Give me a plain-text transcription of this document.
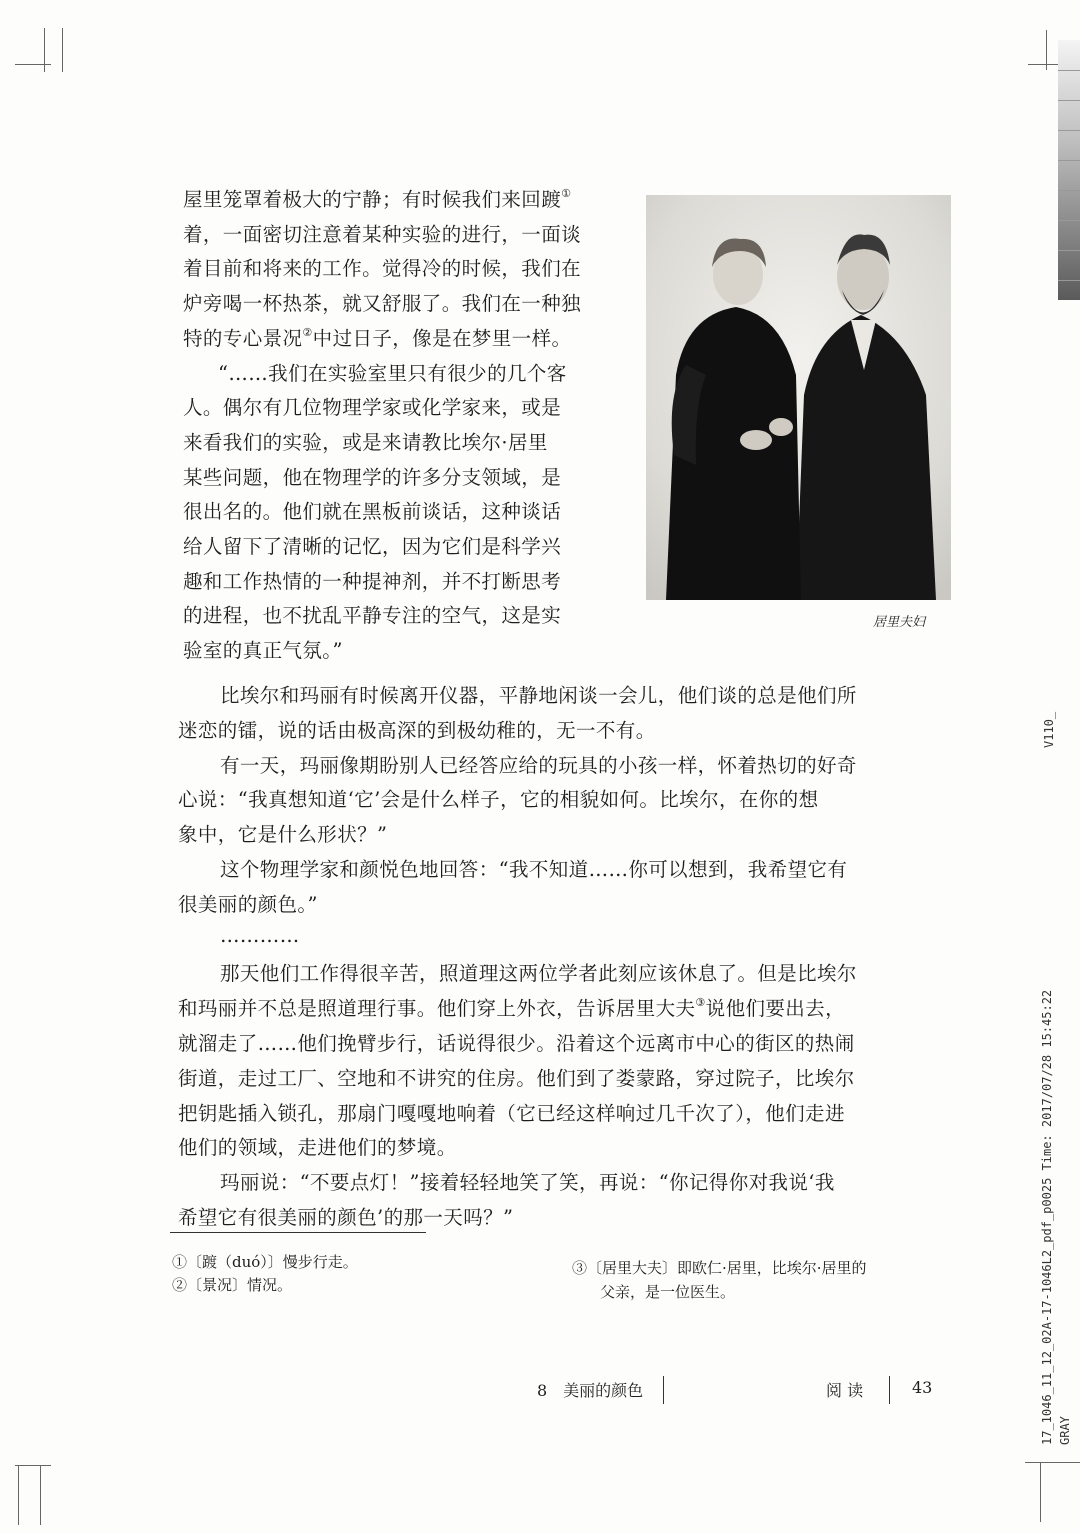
屋里笼罩着极大的宁静；有时候我们来回踱①
着，一面密切注意着某种实验的进行，一面谈
着目前和将来的工作。觉得冷的时候，我们在
炉旁喝一杯热茶，就又舒服了。我们在一种独
特的专心景况②中过日子，像是在梦里一样。
“……我们在实验室里只有很少的几个客
人。偶尔有几位物理学家或化学家来，或是
来看我们的实验，或是来请教比埃尔·居里
某些问题，他在物理学的许多分支领域，是
很出名的。他们就在黑板前谈话，这种谈话
给人留下了清晰的记忆，因为它们是科学兴
趣和工作热情的一种提神剂，并不打断思考
的进程，也不扰乱平静专注的空气，这是实
验室的真正气氛。”
居里夫妇
比埃尔和玛丽有时候离开仪器，平静地闲谈一会儿，他们谈的总是他们所
迷恋的镭，说的话由极高深的到极幼稚的，无一不有。
有一天，玛丽像期盼别人已经答应给的玩具的小孩一样，怀着热切的好奇
心说：“我真想知道‘它’会是什么样子，它的相貌如何。比埃尔，在你的想
象中，它是什么形状？”
这个物理学家和颜悦色地回答：“我不知道……你可以想到，我希望它有
很美丽的颜色。”
…………
那天他们工作得很辛苦，照道理这两位学者此刻应该休息了。但是比埃尔
和玛丽并不总是照道理行事。他们穿上外衣，告诉居里大夫③说他们要出去，
就溜走了……他们挽臂步行，话说得很少。沿着这个远离市中心的街区的热闹
街道，走过工厂、空地和不讲究的住房。他们到了娄蒙路，穿过院子，比埃尔
把钥匙插入锁孔，那扇门嘎嘎地响着（它已经这样响过几千次了），他们走进
他们的领域，走进他们的梦境。
玛丽说：“不要点灯！”接着轻轻地笑了笑，再说：“你记得你对我说‘我
希望它有很美丽的颜色’的那一天吗？”
①〔踱（duó）〕慢步行走。
②〔景况〕情况。
③〔居里大夫〕即欧仁·居里，比埃尔·居里的
父亲，是一位医生。
8　美丽的颜色	阅 读	43
V110_
17_1046_11_12_02A-17-1046L2_pdf_p0025 Time: 2017/07/28 15:45:22 GRAY
